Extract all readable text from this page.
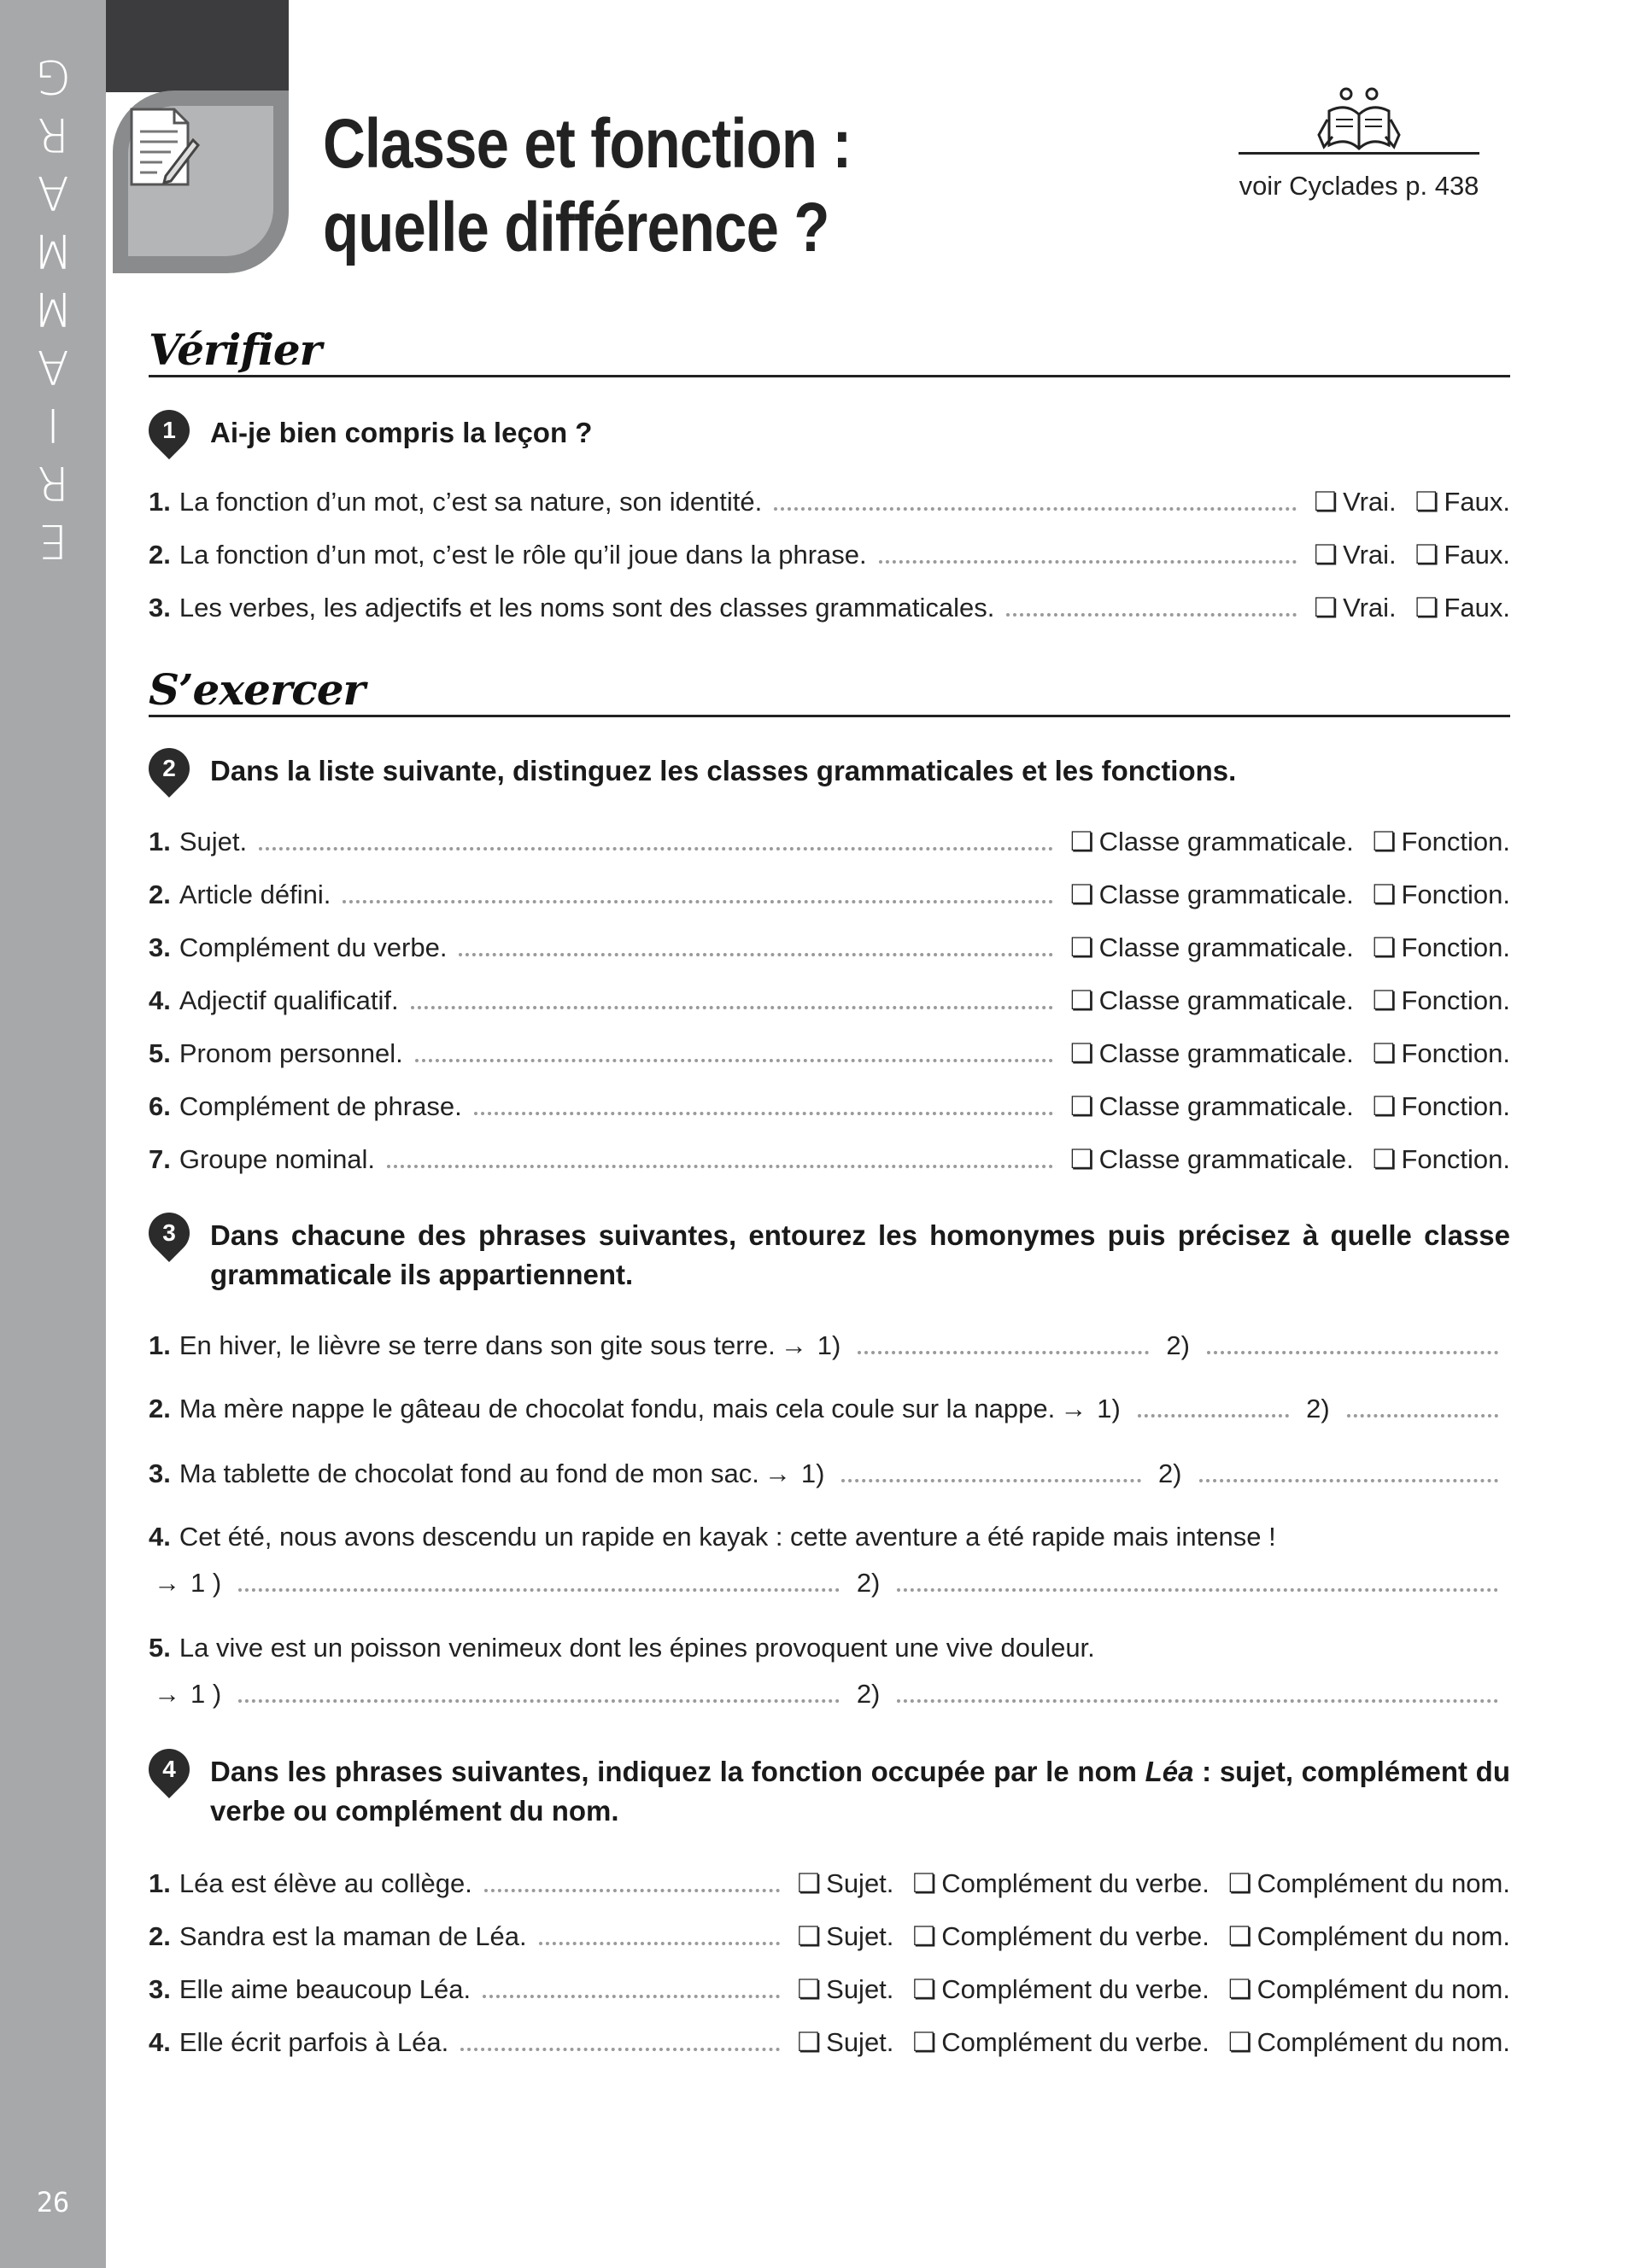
E
R
I
A
M
M
A
R
G
26
Classe et fonction :
quelle différence ?
voir Cyclades p. 438
Vérifier
1	Ai-je bien compris la leçon ?
1. La fonction d’un mot, c’est sa nature, son identité.	❏ Vrai.	❏ Faux.
2. La fonction d’un mot, c’est le rôle qu’il joue dans la phrase.	❏ Vrai.	❏ Faux.
3. Les verbes, les adjectifs et les noms sont des classes grammaticales.	❏ Vrai.	❏ Faux.
S’exercer
2	Dans la liste suivante, distinguez les classes grammaticales et les fonctions.
1. Sujet.	❏ Classe grammaticale.	❏ Fonction.
2. Article défini.	❏ Classe grammaticale.	❏ Fonction.
3. Complément du verbe.	❏ Classe grammaticale.	❏ Fonction.
4. Adjectif qualificatif.	❏ Classe grammaticale.	❏ Fonction.
5. Pronom personnel.	❏ Classe grammaticale.	❏ Fonction.
6. Complément de phrase.	❏ Classe grammaticale.	❏ Fonction.
7. Groupe nominal.	❏ Classe grammaticale.	❏ Fonction.
3	Dans chacune des phrases suivantes, entourez les homonymes puis précisez à quelle classe grammaticale ils appartiennent.
1. En hiver, le lièvre se terre dans son gite sous terre. → 1)	2)
2. Ma mère nappe le gâteau de chocolat fondu, mais cela coule sur la nappe. → 1)	2)
3. Ma tablette de chocolat fond au fond de mon sac. → 1)	2)
4. Cet été, nous avons descendu un rapide en kayak : cette aventure a été rapide mais intense !
→ 1 )	2)
5. La vive est un poisson venimeux dont les épines provoquent une vive douleur.
→ 1 )	2)
4	Dans les phrases suivantes, indiquez la fonction occupée par le nom Léa : sujet, complément du verbe ou complément du nom.
1. Léa est élève au collège.	❏ Sujet.	❏ Complément du verbe.	❏ Complément du nom.
2. Sandra est la maman de Léa.	❏ Sujet.	❏ Complément du verbe.	❏ Complément du nom.
3. Elle aime beaucoup Léa.	❏ Sujet.	❏ Complément du verbe.	❏ Complément du nom.
4. Elle écrit parfois à Léa.	❏ Sujet.	❏ Complément du verbe.	❏ Complément du nom.
